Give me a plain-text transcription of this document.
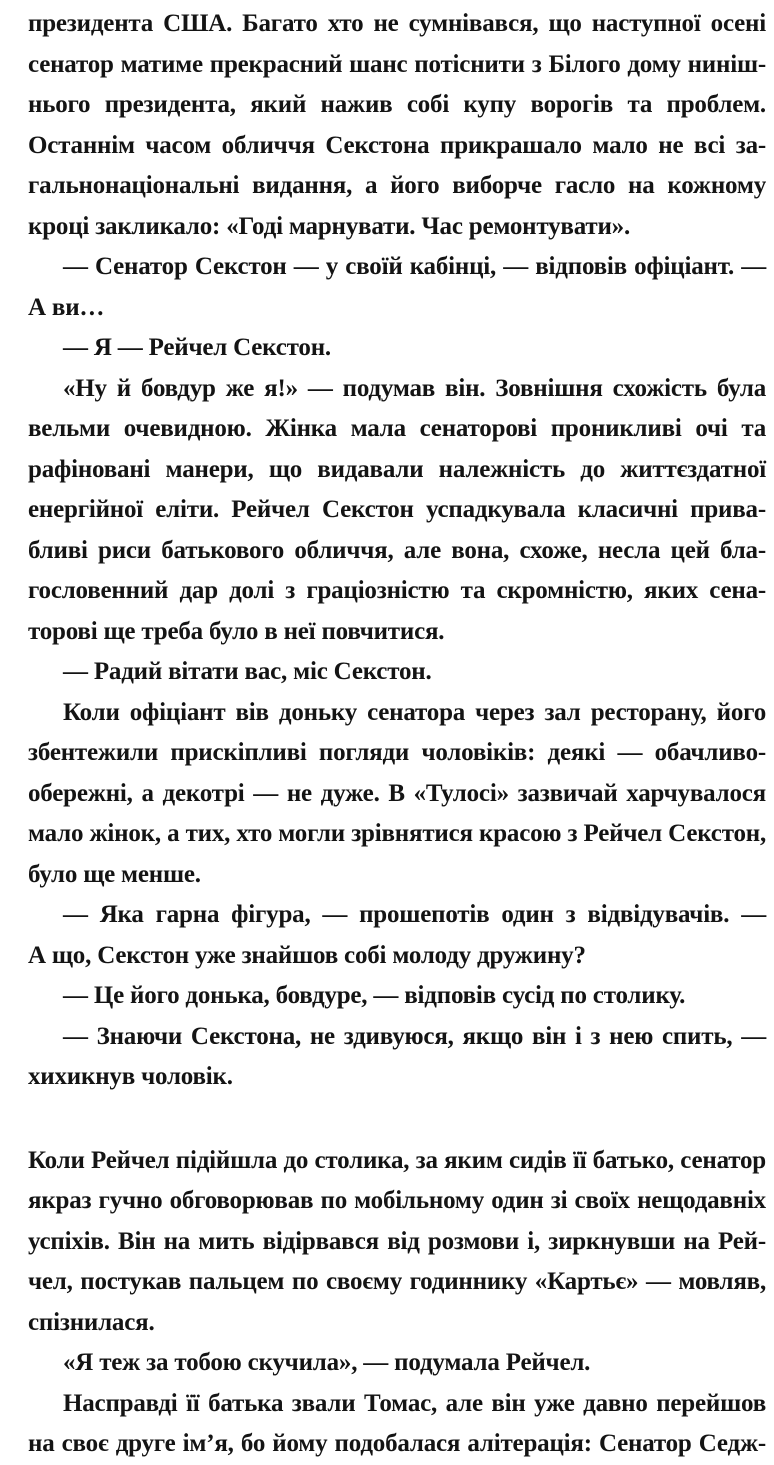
президента США. Багато хто не сумнівався, що наступної осені
сенатор матиме прекрасний шанс потіснити з Білого дому нинiш-
нього президента, який нажив собі купу ворогів та проблем.
Останнім часом обличчя Секстона прикрашало мало не всі за-
гальнонаціональні видання, а його виборче гасло на кожному
кроці закликало: «Годі марнувати. Час ремонтувати».
— Сенатор Секстон — у своїй кабінці, — відповів офіціант. —
А ви…
— Я — Рейчел Секстон.
«Ну й бовдур же я!» — подумав він. Зовнішня схожість була
вельми очевидною. Жінка мала сенаторові проникливі очі та
рафіновані манери, що видавали належність до життєздатної
енергійної еліти. Рейчел Секстон успадкувала класичні прива-
бливі риси батькового обличчя, але вона, схоже, несла цей бла-
гословенний дар долі з граціозністю та скромністю, яких сена-
торові ще треба було в неї повчитися.
— Радий вітати вас, міс Секстон.
Коли офіціант вів доньку сенатора через зал ресторану, його
збентежили прискіпливі погляди чоловіків: деякі — обачливо-
обережні, а декотрі — не дуже. В «Тулосі» зазвичай харчувалося
мало жінок, а тих, хто могли зрівнятися красою з Рейчел Секстон,
було ще менше.
— Яка гарна фігура, — прошепотів один з відвідувачів. —
А що, Секстон уже знайшов собі молоду дружину?
— Це його донька, бовдуре, — відповів сусід по столику.
— Знаючи Секстона, не здивуюся, якщо він і з нею спить, —
хихикнув чоловік.
Коли Рейчел підійшла до столика, за яким сидів її батько, сенатор
якраз гучно обговорював по мобільному один зі своїх нещодавніх
успіхів. Він на мить відірвався від розмови і, зиркнувши на Рей-
чел, постукав пальцем по своєму годиннику «Картьє» — мовляв,
спізнилася.
«Я теж за тобою скучила», — подумала Рейчел.
Насправді її батька звали Томас, але він уже давно перейшов
на своє друге ім’я, бо йому подобалася алітерація: Сенатор Седж-
